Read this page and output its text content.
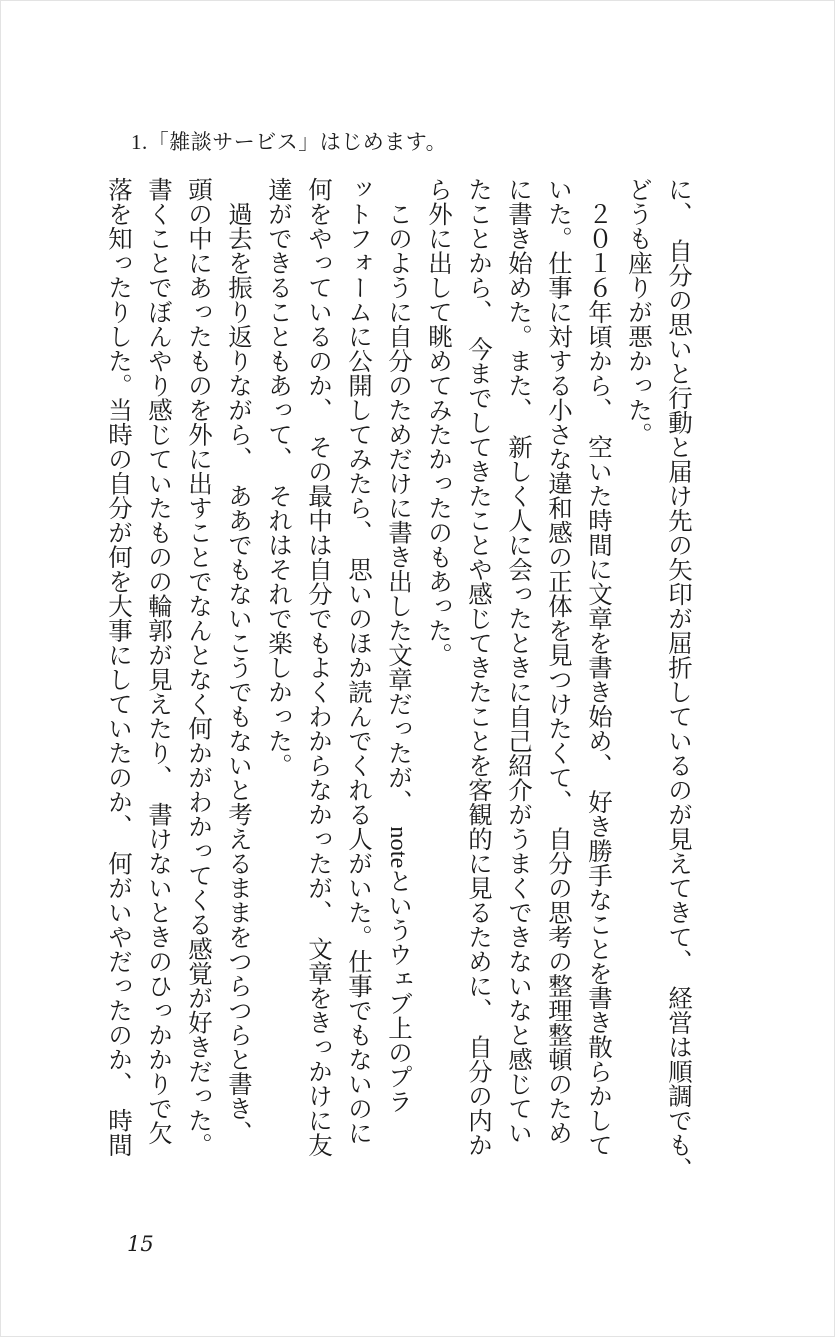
1.「雑談サービス」はじめます。
に、　自分の思いと行動と届け先の矢印が屈折しているのが見えてきて、　経営は順調でも、
どうも座りが悪かった。
　２０１６年頃から、　空いた時間に文章を書き始め、　好き勝手なことを書き散らかして
いた。仕事に対する小さな違和感の正体を見つけたくて、　自分の思考の整理整頓のため
に書き始めた。また、　新しく人に会ったときに自己紹介がうまくできないなと感じてい
たことから、　今までしてきたことや感じてきたことを客観的に見るために、　自分の内か
ら外に出して眺めてみたかったのもあった。
　このように自分のためだけに書き出した文章だったが、　noteというウェブ上のプラ
ットフォームに公開してみたら、　思いのほか読んでくれる人がいた。仕事でもないのに
何をやっているのか、　その最中は自分でもよくわからなかったが、　文章をきっかけに友
達ができることもあって、　それはそれで楽しかった。
　過去を振り返りながら、　ああでもないこうでもないと考えるままをつらつらと書き、
頭の中にあったものを外に出すことでなんとなく何かがわかってくる感覚が好きだった。
書くことでぼんやり感じていたものの輪郭が見えたり、　書けないときのひっかかりで欠
落を知ったりした。当時の自分が何を大事にしていたのか、　何がいやだったのか、　時間
15
